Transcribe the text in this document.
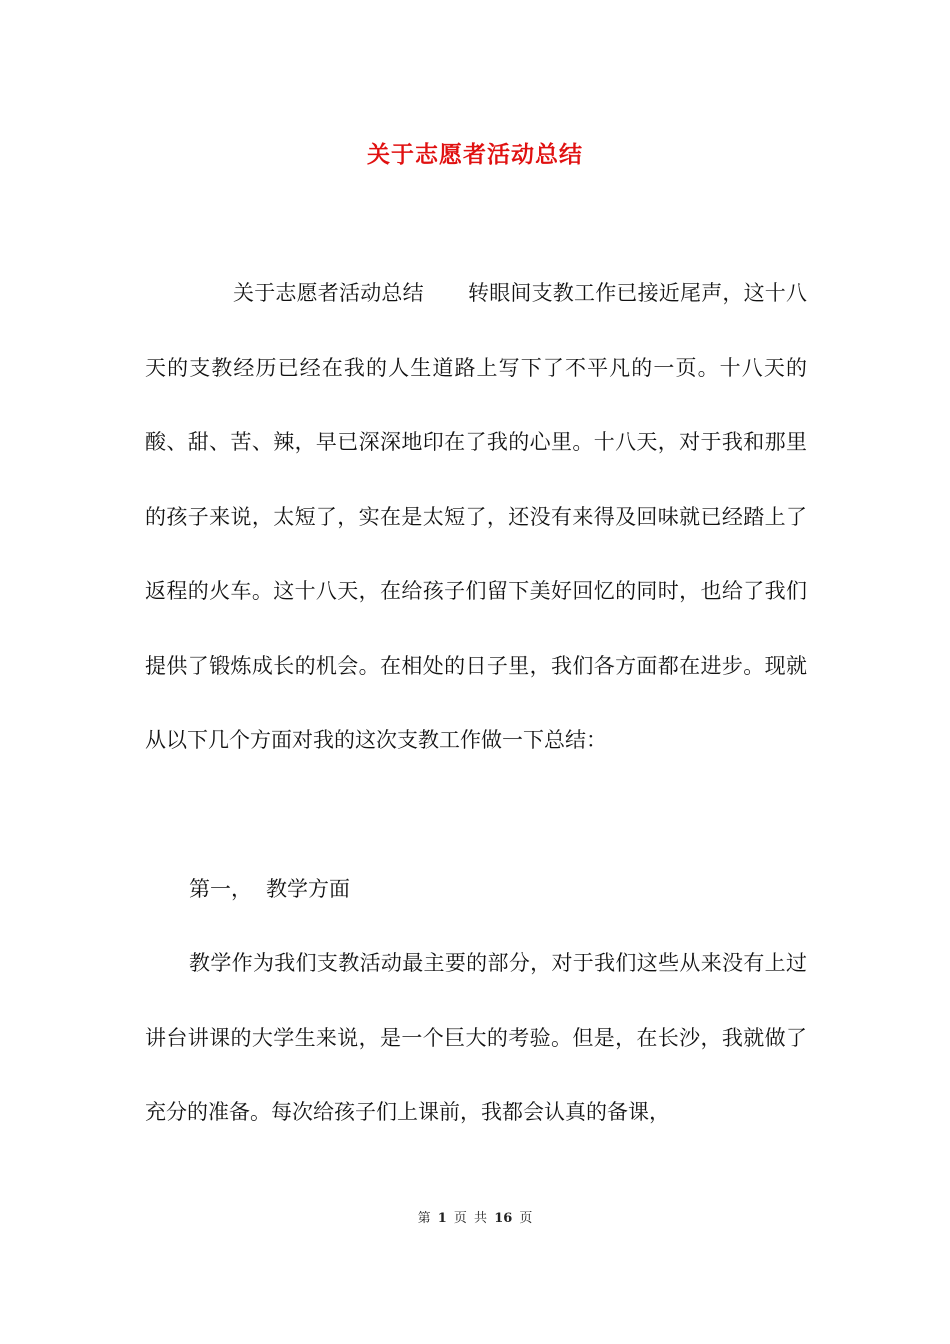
关于志愿者活动总结
关于志愿者活动总结 转眼间支教工作已接近尾声，这十八天的支教经历已经在我的人生道路上写下了不平凡的一页。十八天的酸、甜、苦、辣，早已深深地印在了我的心里。十八天，对于我和那里的孩子来说，太短了，实在是太短了，还没有来得及回味就已经踏上了返程的火车。这十八天，在给孩子们留下美好回忆的同时，也给了我们提供了锻炼成长的机会。在相处的日子里，我们各方面都在进步。现就从以下几个方面对我的这次支教工作做一下总结：
第一， 教学方面
教学作为我们支教活动最主要的部分，对于我们这些从来没有上过讲台讲课的大学生来说，是一个巨大的考验。但是，在长沙，我就做了充分的准备。每次给孩子们上课前，我都会认真的备课，
第 1 页 共 16 页
